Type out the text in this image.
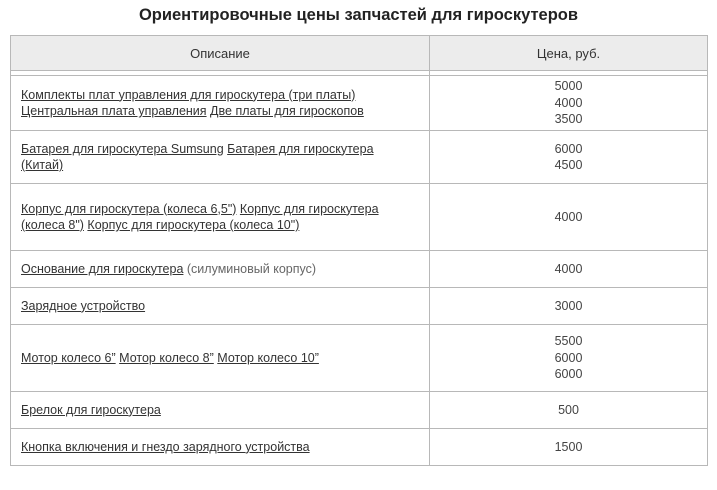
Ориентировочные цены запчастей для гироскутеров
Описание	Цена, руб.

Комплекты плат управления для гироскутера (три платы) Центральная плата управления Две платы для гироскопов	5000
4000
3500

Батарея для гироскутера Sumsung Батарея для гироскутера (Китай)	6000
4500

Корпус для гироскутера (колеса 6,5") Корпус для гироскутера (колеса 8") Корпус для гироскутера (колеса 10")	4000

Основание для гироскутера (силуминовый корпус)	4000

Зарядное устройство	3000

Мотор колесо 6” Мотор колесо 8” Мотор колесо 10”	5500
6000
6000

Брелок для гироскутера	500

Кнопка включения и гнездо зарядного устройства	1500
